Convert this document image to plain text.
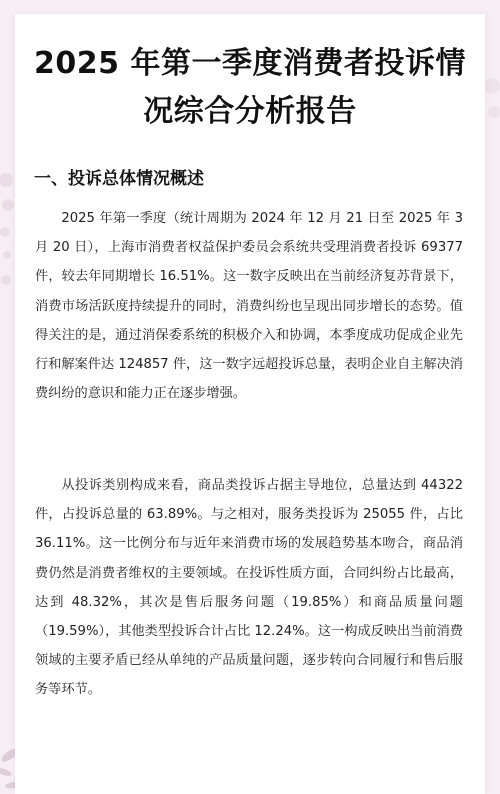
2025 年第一季度消费者投诉情况综合分析报告
一、投诉总体情况概述

2025 年第一季度（统计周期为 2024 年 12 月 21 日至 2025 年 3 月 20 日），上海市消费者权益保护委员会系统共受理消费者投诉 69377 件，较去年同期增长 16.51%。这一数字反映出在当前经济复苏背景下，消费市场活跃度持续提升的同时，消费纠纷也呈现出同步增长的态势。值得关注的是，通过消保委系统的积极介入和协调，本季度成功促成企业先行和解案件达 124857 件，这一数字远超投诉总量，表明企业自主解决消费纠纷的意识和能力正在逐步增强。

从投诉类别构成来看，商品类投诉占据主导地位，总量达到 44322 件，占投诉总量的 63.89%。与之相对，服务类投诉为 25055 件，占比 36.11%。这一比例分布与近年来消费市场的发展趋势基本吻合，商品消费仍然是消费者维权的主要领域。在投诉性质方面，合同纠纷占比最高，达到 48.32%，其次是售后服务问题（19.85%）和商品质量问题（19.59%），其他类型投诉合计占比 12.24%。这一构成反映出当前消费领域的主要矛盾已经从单纯的产品质量问题，逐步转向合同履行和售后服务等环节。
